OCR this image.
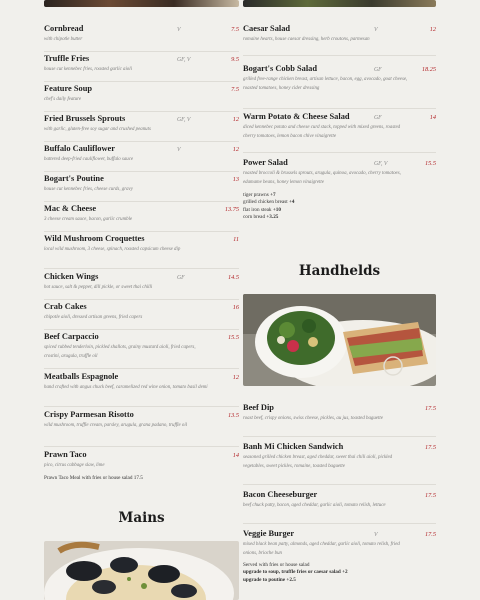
Cornbread	V	7.5
with chipotle butter
Truffle Fries	GF, V	9.5
house cut kennebec fries, roasted garlic aioli
Feature Soup	7.5
chef's daily feature
Fried Brussels Sprouts	GF, V	12
with garlic, gluten-free soy sugar and crushed peanuts
Buffalo Cauliflower	V	12
battered deep-fried cauliflower, buffalo sauce
Bogart's Poutine	13
house cut kennebec fries, cheese curds, gravy
Mac & Cheese	13.75
3 cheese cream sauce, bacon, garlic crumble
Wild Mushroom Croquettes	11
local wild mushroom, 3 cheese, spinach, roasted capsicum cheese dip
Chicken Wings	GF	14.5
hot sauce, salt & pepper, dill pickle, or sweet thai chilli
Crab Cakes	16
chipotle aioli, dressed artisan greens, fried capers
Beef Carpaccio	15.5
spiced rubbed tenderloin, pickled shallots, grainy mustard aioli, fried capers, crostini, arugula, truffle oil
Meatballs Espagnole	12
hand crafted with angus chuck beef, caramelized red wine onion, tomato basil demi
Crispy Parmesan Risotto	13.5
wild mushroom, truffle cream, parsley, arugula, grana padano, truffle oil
Prawn Taco	14
pico, citrus cabbage slaw, lime
Prawn Taco Meal with fries or house salad 17.5
Mains
Caesar Salad	V	12
romaine hearts, house caesar dressing, herb croutons, parmesan
Bogart's Cobb Salad	GF	18.25
grilled free-range chicken breast, artisan lettuce, bacon, egg, avocado, goat cheese, roasted tomatoes, honey cider dressing
Warm Potato & Cheese Salad	GF	14
diced kennebec potato and cheese curd stack, topped with mixed greens, roasted cherry tomatoes, lemon bacon chive vinaigrette
Power Salad	GF, V	15.5
roasted broccoli & brussels sprouts, arugula, quinoa, avocado, cherry tomatoes, edamame beans, honey lemon vinaigrette
tiger prawns +7
grilled chicken breast +4
flat iron steak +10
corn bread +3.25
Handhelds
Beef Dip	17.5
roast beef, crispy onions, swiss cheese, pickles, au jus, toasted baguette
Banh Mi Chicken Sandwich	17.5
seasoned grilled chicken breast, aged cheddar, sweet thai chili aioli, pickled vegetables, sweet pickles, romaine, toasted baguette
Bacon Cheeseburger	17.5
beef chuck patty, bacon, aged cheddar, garlic aioli, tomato relish, lettuce
Veggie Burger	V	17.5
mixed black bean patty, almonds, aged cheddar, garlic aioli, tomato relish, fried onions, brioche bun
Served with fries or house salad
upgrade to soup, truffle fries or caesar salad +2
upgrade to poutine +2.5
